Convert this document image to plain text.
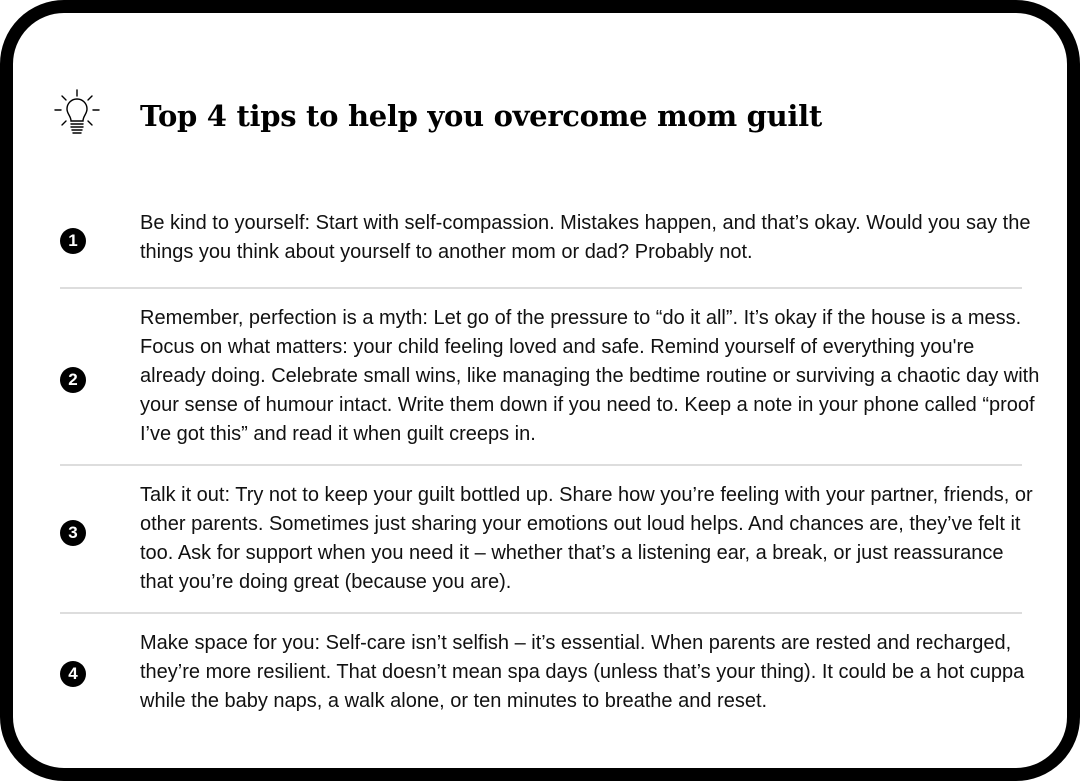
Top 4 tips to help you overcome mom guilt
1

Be kind to yourself: Start with self-compassion. Mistakes happen, and that’s okay. Would you say the things you think about yourself to another mom or dad? Probably not.

2

Remember, perfection is a myth: Let go of the pressure to “do it all”. It’s okay if the house is a mess. Focus on what matters: your child feeling loved and safe. Remind yourself of everything you're already doing. Celebrate small wins, like managing the bedtime routine or surviving a chaotic day with your sense of humour intact. Write them down if you need to. Keep a note in your phone called “proof I’ve got this” and read it when guilt creeps in.

3

Talk it out: Try not to keep your guilt bottled up. Share how you’re feeling with your partner, friends, or other parents. Sometimes just sharing your emotions out loud helps. And chances are, they’ve felt it too. Ask for support when you need it – whether that’s a listening ear, a break, or just reassurance that you’re doing great (because you are).

4

Make space for you: Self-care isn’t selfish – it’s essential. When parents are rested and recharged, they’re more resilient. That doesn’t mean spa days (unless that’s your thing). It could be a hot cuppa while the baby naps, a walk alone, or ten minutes to breathe and reset.
